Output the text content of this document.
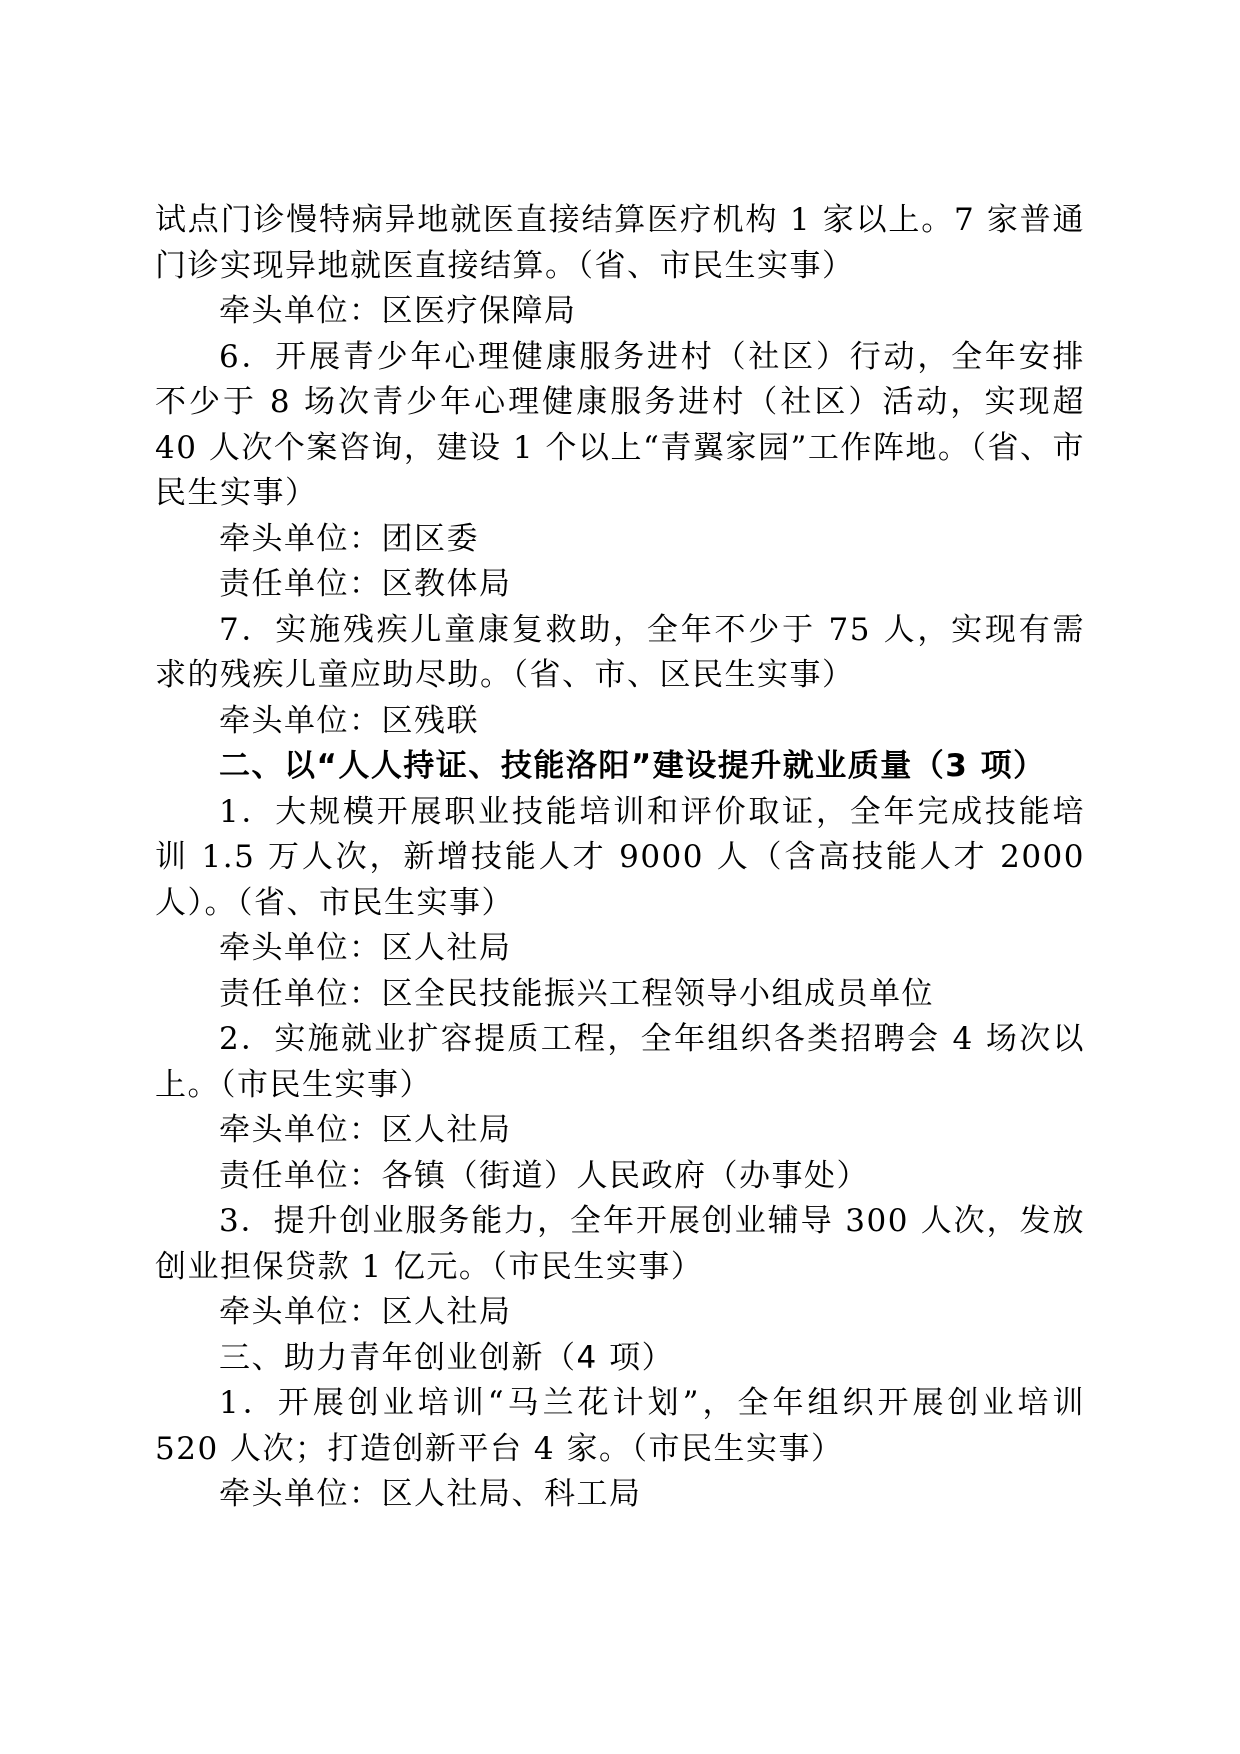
试点门诊慢特病异地就医直接结算医疗机构 1 家以上。7 家普通门诊实现异地就医直接结算。（省、市民生实事）

牵头单位：区医疗保障局

6．开展青少年心理健康服务进村（社区）行动，全年安排不少于 8 场次青少年心理健康服务进村（社区）活动，实现超 40 人次个案咨询，建设 1 个以上“青翼家园”工作阵地。（省、市民生实事）

牵头单位：团区委

责任单位：区教体局

7．实施残疾儿童康复救助，全年不少于 75 人，实现有需求的残疾儿童应助尽助。（省、市、区民生实事）

牵头单位：区残联

二、以“人人持证、技能洛阳”建设提升就业质量（3 项）

1．大规模开展职业技能培训和评价取证，全年完成技能培训 1.5 万人次，新增技能人才 9000 人（含高技能人才 2000 人）。（省、市民生实事）

牵头单位：区人社局

责任单位：区全民技能振兴工程领导小组成员单位

2．实施就业扩容提质工程，全年组织各类招聘会 4 场次以上。（市民生实事）

牵头单位：区人社局

责任单位：各镇（街道）人民政府（办事处）

3．提升创业服务能力，全年开展创业辅导 300 人次，发放创业担保贷款 1 亿元。（市民生实事）

牵头单位：区人社局

三、助力青年创业创新（4 项）

1．开展创业培训“马兰花计划”，全年组织开展创业培训 520 人次；打造创新平台 4 家。（市民生实事）

牵头单位：区人社局、科工局
